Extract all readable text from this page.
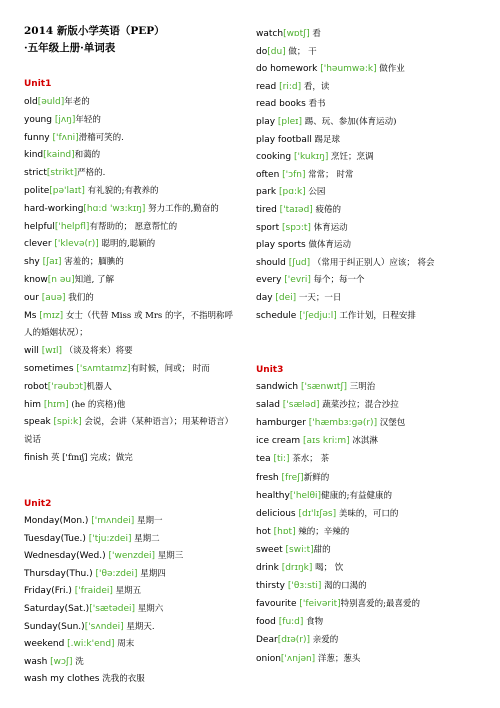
2014 新版小学英语（PEP）
·五年级上册·单词表
Unit1
old[əuld]年老的
young [jʌŋ]年轻的
funny ['fʌni]滑稽可笑的.
kind[kaind]和蔼的
strict[strikt]严格的.
polite[pə'laɪt] 有礼貌的;有教养的
hard-working[hɑ:d 'wɜ:kɪŋ] 努力工作的,勤奋的
helpful['helpfl]有帮助的； 愿意帮忙的
clever ['klevə(r)] 聪明的,聪颖的
shy [ʃaɪ] 害羞的；腼腆的
know[n əu]知道, 了解
our [auə] 我们的
Ms [mɪz] 女士（代替 Miss 或 Mrs 的字，不指明称呼
人的婚姻状况）；
will [wɪl] （谈及将来）将要
sometimes ['sʌmtaɪmz]有时候，间或； 时而
robot['rəubɔt]机器人
him [hɪm] (he 的宾格)他
speak [spi:k] 会说，会讲（某种语言）；用某种语言）
说话
finish 英 ['fɪnɪʃ] 完成；做完
Unit2
Monday(Mon.) ['mʌndei] 星期一
Tuesday(Tue.) ['tju:zdei] 星期二
Wednesday(Wed.) ['wenzdei] 星期三
Thursday(Thu.) ['θə:zdei] 星期四
Friday(Fri.) ['fraidei] 星期五
Saturday(Sat.)['sætədei] 星期六
Sunday(Sun.)['sʌndei] 星期天.
weekend [.wi:k'end] 周末
wash [wɔʃ] 洗
wash my clothes 洗我的衣服
watch[wɒtʃ] 看
do[du] 做； 干
do homework ['həumwə:k] 做作业
read [ri:d] 看，读
read books 看书
play [pleɪ] 踢、玩、参加(体育运动)
play football 踢足球
cooking ['kukɪŋ] 烹饪；烹调
often ['ɔfn] 常常； 时常
park [pɑ:k] 公园
tired ['taɪəd] 疲倦的
sport [spɔ:t] 体育运动
play sports 做体育运动
should [ʃud] （常用于纠正别人）应该； 将会
every ['evri] 每个；每一个
day [dei] 一天；一日
schedule ['ʃedju:l] 工作计划，日程安排
Unit3
sandwich ['sænwɪtʃ] 三明治
salad ['sæləd] 蔬菜沙拉；混合沙拉
hamburger ['hæmbɜ:gə(r)] 汉堡包
ice cream [aɪs kri:m] 冰淇淋
tea [ti:] 茶水； 茶
fresh [freʃ]新鲜的
healthy['helθi]健康的;有益健康的
delicious [dɪ'lɪʃəs] 美味的，可口的
hot [hɒt] 辣的；辛辣的
sweet [swi:t]甜的
drink [drɪŋk] 喝； 饮
thirsty ['θɜ:sti] 渴的口渴的
favourite ['feivərit]特别喜爱的;最喜爱的
food [fu:d] 食物
Dear[dɪə(r)] 亲爱的
onion['ʌnjən] 洋葱；葱头
